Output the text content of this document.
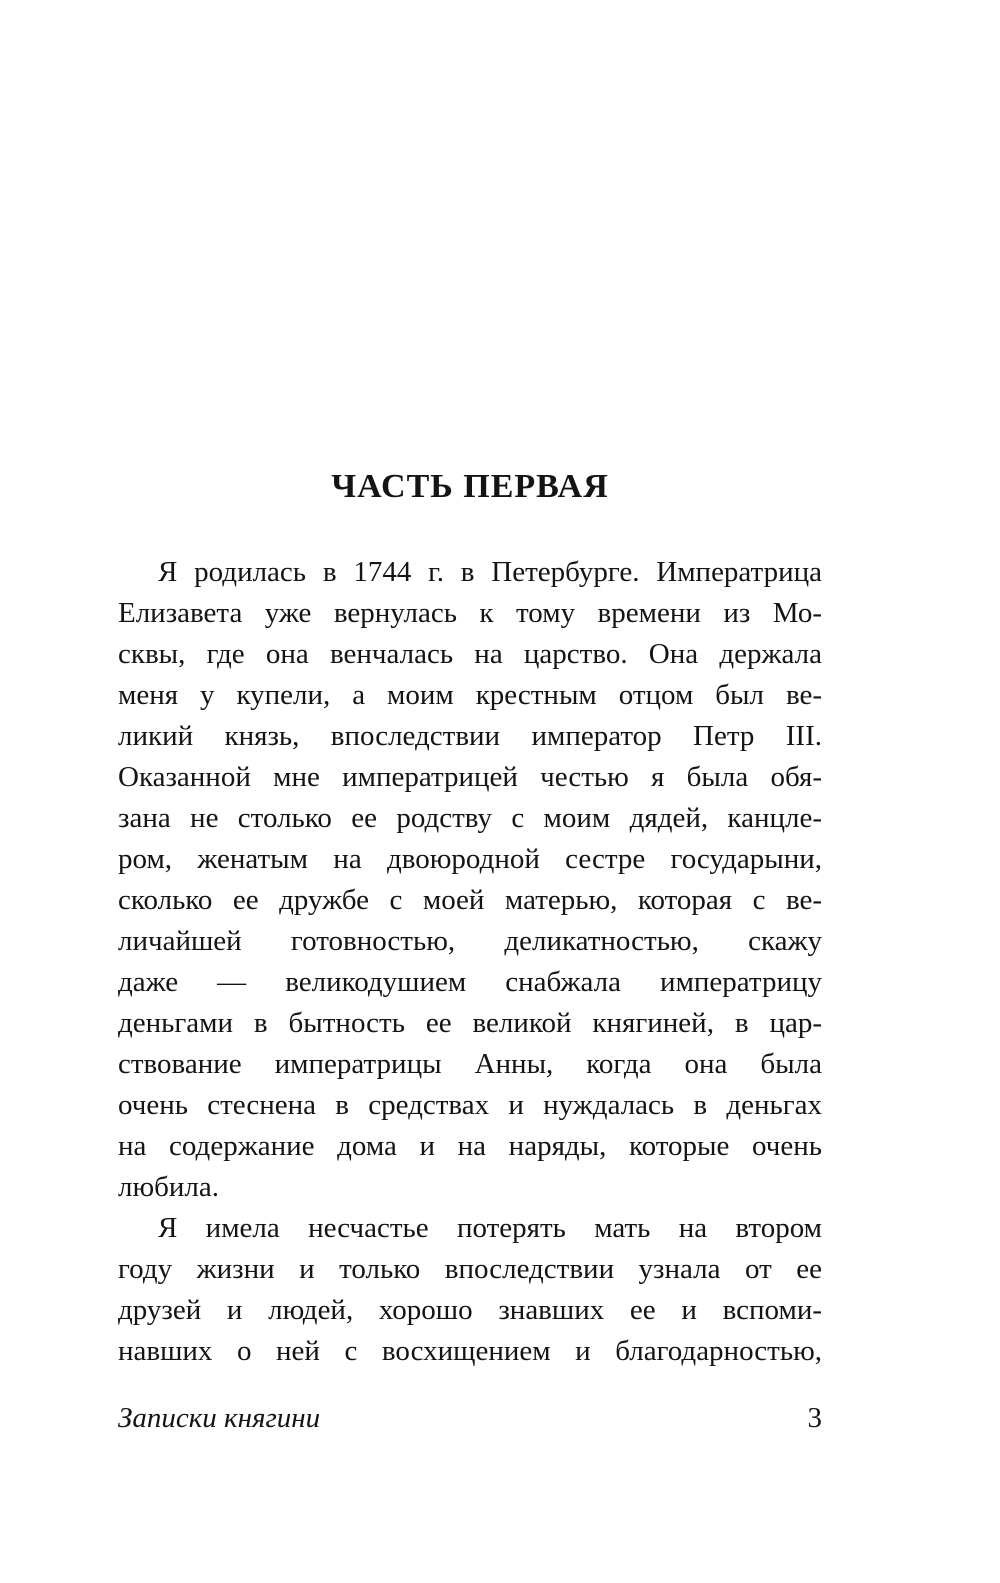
ЧАСТЬ ПЕРВАЯ
Я родилась в 1744 г. в Петербурге. Императрица
Елизавета уже вернулась к тому времени из Мо-
сквы, где она венчалась на царство. Она держала
меня у купели, а моим крестным отцом был ве-
ликий князь, впоследствии император Петр III.
Оказанной мне императрицей честью я была обя-
зана не столько ее родству с моим дядей, канцле-
ром, женатым на двоюродной сестре государыни,
сколько ее дружбе с моей матерью, которая с ве-
личайшей готовностью, деликатностью, скажу
даже — великодушием снабжала императрицу
деньгами в бытность ее великой княгиней, в цар-
ствование императрицы Анны, когда она была
очень стеснена в средствах и нуждалась в деньгах
на содержание дома и на наряды, которые очень
любила.
Я имела несчастье потерять мать на втором
году жизни и только впоследствии узнала от ее
друзей и людей, хорошо знавших ее и вспоми-
навших о ней с восхищением и благодарностью,
Записки княгини	3
